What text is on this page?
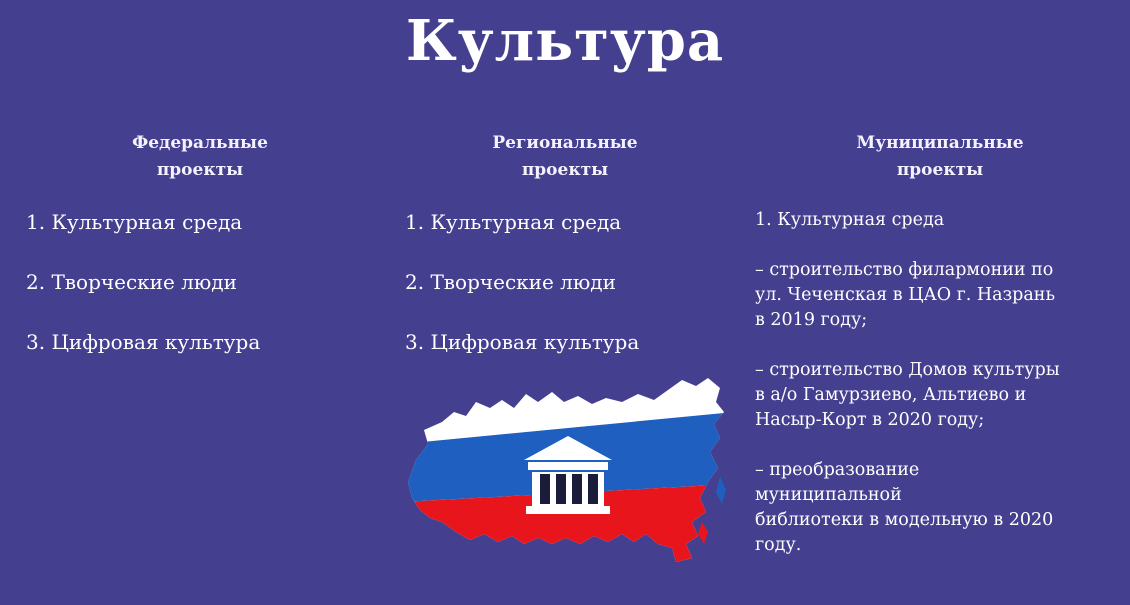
Культура
Федеральные
проекты
1. Культурная среда
2. Творческие люди
3. Цифровая культура
Региональные
проекты
1. Культурная среда
2. Творческие люди
3. Цифровая культура
Муниципальные
проекты
1. Культурная среда
– строительство филармонии по
ул. Чеченская в ЦАО г. Назрань
в 2019 году;
– строительство Домов культуры
в а/о Гамурзиево, Альтиево и
Насыр-Корт в 2020 году;
– преобразование
муниципальной
библиотеки в модельную в 2020
году.
